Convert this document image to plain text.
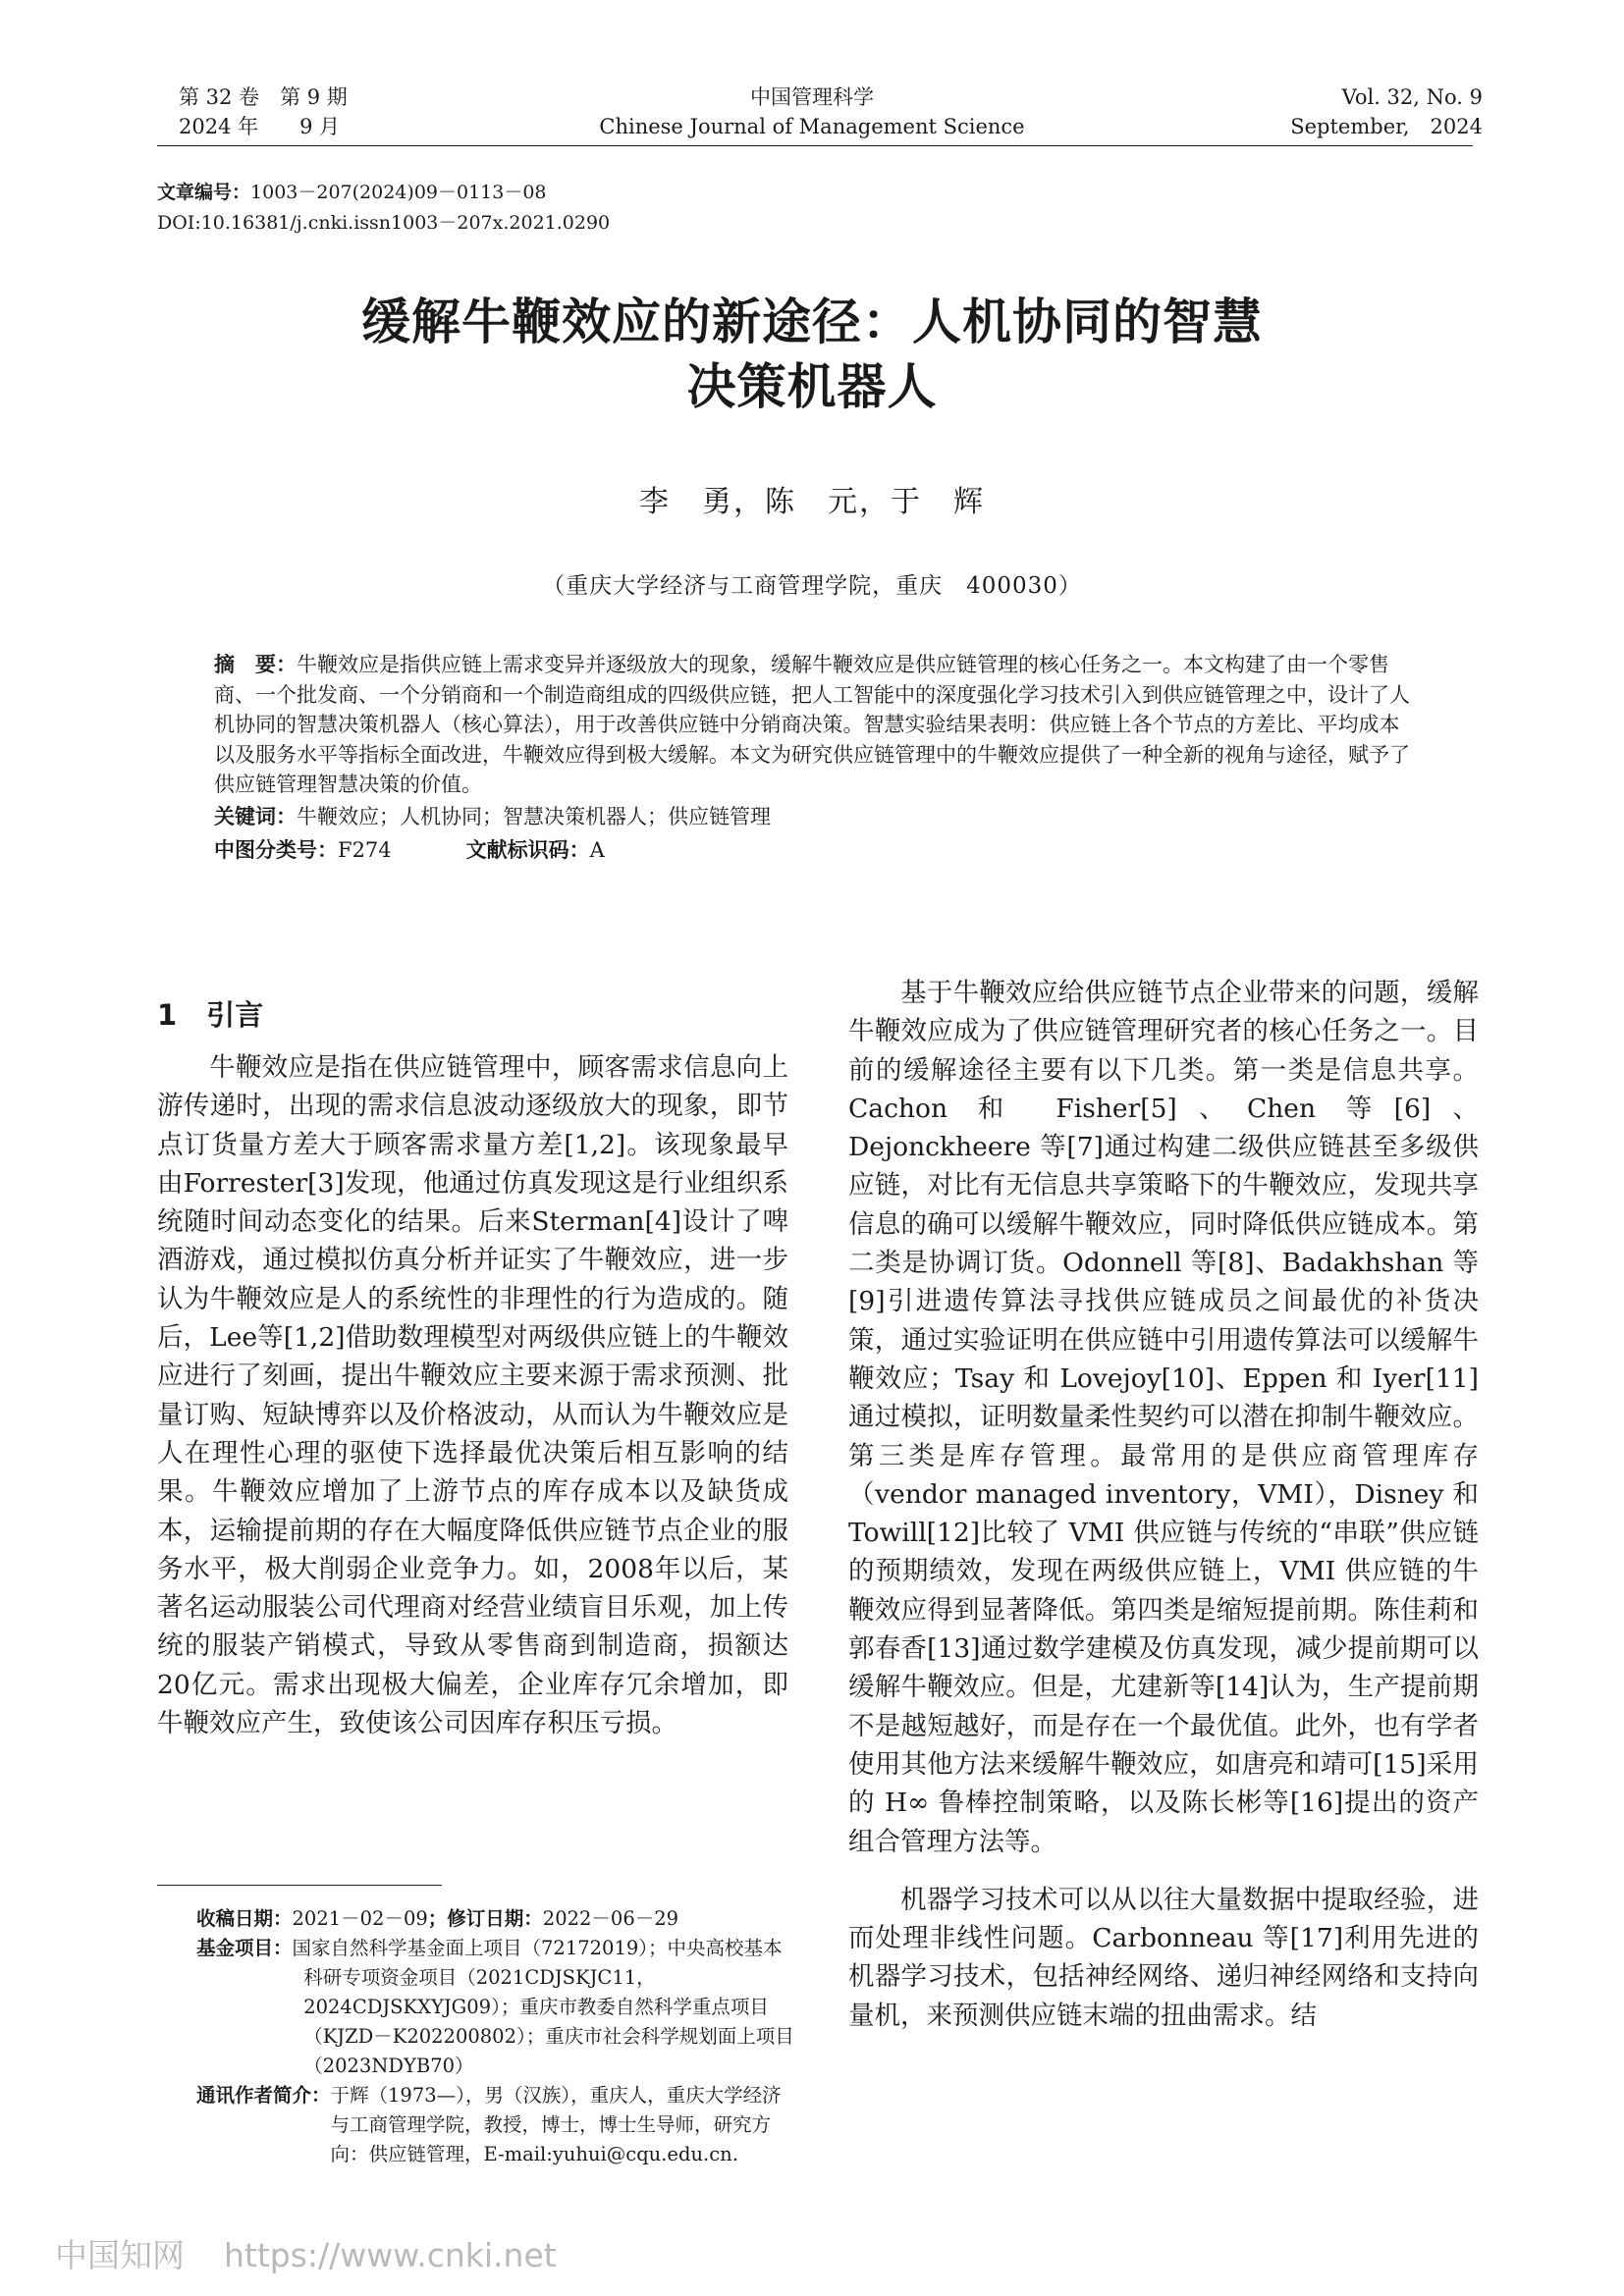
第 32 卷　第 9 期
2024 年　　9 月
中国管理科学
Chinese Journal of Management Science
Vol. 32, No. 9
September,　2024
文章编号：1003－207(2024)09－0113－08
DOI:10.16381/j.cnki.issn1003－207x.2021.0290
缓解牛鞭效应的新途径：人机协同的智慧
决策机器人
李　勇，陈　元，于　辉
（重庆大学经济与工商管理学院，重庆　400030）
摘　要：牛鞭效应是指供应链上需求变异并逐级放大的现象，缓解牛鞭效应是供应链管理的核心任务之一。本文构建了由一个零售商、一个批发商、一个分销商和一个制造商组成的四级供应链，把人工智能中的深度强化学习技术引入到供应链管理之中，设计了人机协同的智慧决策机器人（核心算法），用于改善供应链中分销商决策。智慧实验结果表明：供应链上各个节点的方差比、平均成本以及服务水平等指标全面改进，牛鞭效应得到极大缓解。本文为研究供应链管理中的牛鞭效应提供了一种全新的视角与途径，赋予了供应链管理智慧决策的价值。
关键词：牛鞭效应；人机协同；智慧决策机器人；供应链管理
中图分类号：F274	文献标识码：A
1 引言

牛鞭效应是指在供应链管理中，顾客需求信息向上游传递时，出现的需求信息波动逐级放大的现象，即节点订货量方差大于顾客需求量方差[1,2]。该现象最早由Forrester[3]发现，他通过仿真发现这是行业组织系统随时间动态变化的结果。后来Sterman[4]设计了啤酒游戏，通过模拟仿真分析并证实了牛鞭效应，进一步认为牛鞭效应是人的系统性的非理性的行为造成的。随后，Lee等[1,2]借助数理模型对两级供应链上的牛鞭效应进行了刻画，提出牛鞭效应主要来源于需求预测、批量订购、短缺博弈以及价格波动，从而认为牛鞭效应是人在理性心理的驱使下选择最优决策后相互影响的结果。牛鞭效应增加了上游节点的库存成本以及缺货成本，运输提前期的存在大幅度降低供应链节点企业的服务水平，极大削弱企业竞争力。如，2008年以后，某著名运动服装公司代理商对经营业绩盲目乐观，加上传统的服装产销模式，导致从零售商到制造商，损额达20亿元。需求出现极大偏差，企业库存冗余增加，即牛鞭效应产生，致使该公司因库存积压亏损。

收稿日期：2021－02－09；修订日期：2022－06－29
基金项目：国家自然科学基金面上项目（72172019）；中央高校基本科研专项资金项目（2021CDJSKJC11，2024CDJSKXYJG09）；重庆市教委自然科学重点项目（KJZD－K202200802）；重庆市社会科学规划面上项目（2023NDYB70）
通讯作者简介：于辉（1973—），男（汉族），重庆人，重庆大学经济与工商管理学院，教授，博士，博士生导师，研究方向：供应链管理，E-mail:yuhui@cqu.edu.cn.

基于牛鞭效应给供应链节点企业带来的问题，缓解牛鞭效应成为了供应链管理研究者的核心任务之一。目前的缓解途径主要有以下几类。第一类是信息共享。Cachon 和 Fisher[5]、Chen 等[6]、Dejonckheere 等[7]通过构建二级供应链甚至多级供应链，对比有无信息共享策略下的牛鞭效应，发现共享信息的确可以缓解牛鞭效应，同时降低供应链成本。第二类是协调订货。Odonnell 等[8]、Badakhshan 等[9]引进遗传算法寻找供应链成员之间最优的补货决策，通过实验证明在供应链中引用遗传算法可以缓解牛鞭效应；Tsay 和 Lovejoy[10]、Eppen 和 Iyer[11]通过模拟，证明数量柔性契约可以潜在抑制牛鞭效应。第三类是库存管理。最常用的是供应商管理库存（vendor managed inventory，VMI），Disney 和 Towill[12]比较了 VMI 供应链与传统的“串联”供应链的预期绩效，发现在两级供应链上，VMI 供应链的牛鞭效应得到显著降低。第四类是缩短提前期。陈佳莉和郭春香[13]通过数学建模及仿真发现，减少提前期可以缓解牛鞭效应。但是，尤建新等[14]认为，生产提前期不是越短越好，而是存在一个最优值。此外，也有学者使用其他方法来缓解牛鞭效应，如唐亮和靖可[15]采用的 H∞ 鲁棒控制策略，以及陈长彬等[16]提出的资产组合管理方法等。

机器学习技术可以从以往大量数据中提取经验，进而处理非线性问题。Carbonneau 等[17]利用先进的机器学习技术，包括神经网络、递归神经网络和支持向量机，来预测供应链末端的扭曲需求。结

中国知网 https://www.cnki.net
